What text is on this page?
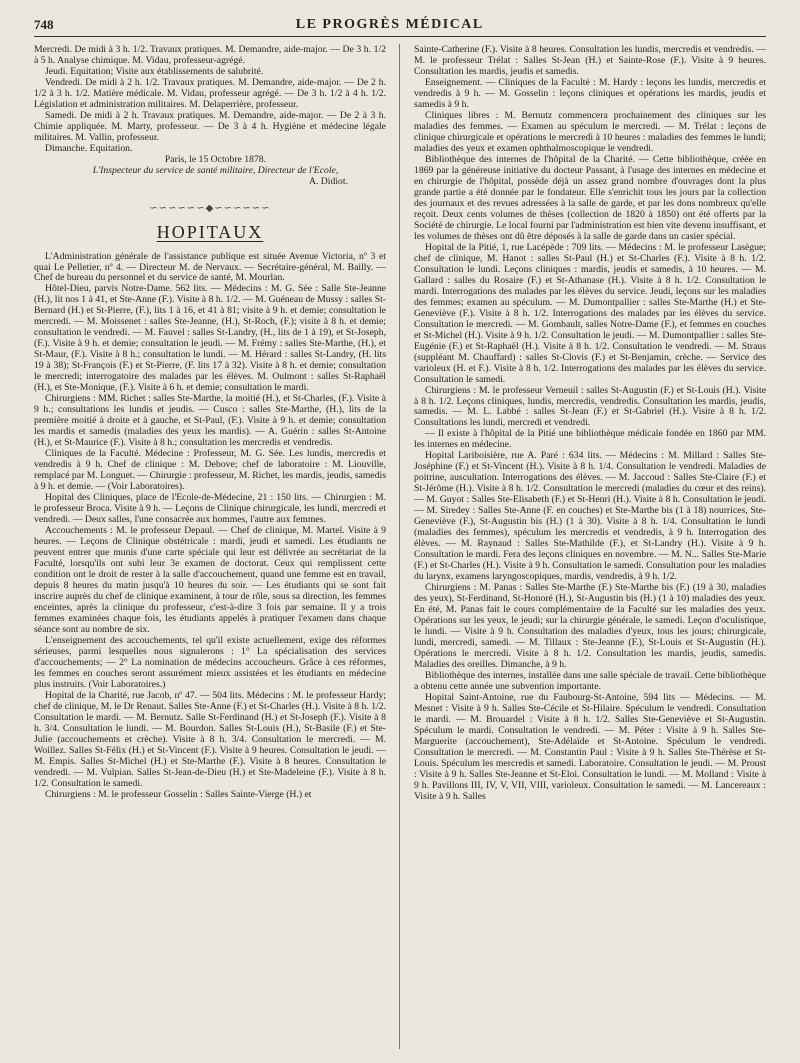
748	LE PROGRÈS MÉDICAL

Mercredi. De midi à 3 h. 1/2. Travaux pratiques. M. Demandre, aide-major. — De 3 h. 1/2 à 5 h. Analyse chimique. M. Vidau, professeur-agrégé.

Jeudi. Equitation; Visite aux établissements de salubrité.

Vendredi. De midi à 2 h. 1/2. Travaux pratiques. M. Demandre, aide-major. — De 2 h. 1/2 à 3 h. 1/2. Matière médicale. M. Vidau, professeur agrégé. — De 3 h. 1/2 à 4 h. 1/2. Législation et administration militaires. M. Delaperrière, professeur.

Samedi. De midi à 2 h. Travaux pratiques. M. Demandre, aide-major. — De 2 à 3 h. Chimie appliquée. M. Marty, professeur. — De 3 à 4 h. Hygiène et médecine légale militaires. M. Vallin, professeur.

Dimanche. Equitation.

Paris, le 15 Octobre 1878.

L'Inspecteur du service de santé militaire, Directeur de l'Ecole,

A. Didiot.

∽∽∽∽∽∽◆∽∽∽∽∽∽
HOPITAUX

L'Administration générale de l'assistance publique est située Avenue Victoria, nº 3 et quai Le Pelletier, nº 4. — Directeur M. de Nervaux. — Secrétaire-général, M. Bailly. — Chef de bureau du personnel et du service de santé, M. Mourlan.

Hôtel-Dieu, parvis Notre-Dame. 562 lits. — Médecins : M. G. Sée : Salle Ste-Jeanne (H.), lit nos 1 à 41, et Ste-Anne (F.). Visite à 8 h. 1/2. — M. Guéneau de Mussy : salles St-Bernard (H.) et St-Pierre, (F.), lits 1 à 16, et 41 à 81; visite à 9 h. et demie; consultation le mercredi. — M. Moissenet : salles Ste-Jeanne, (H.), St-Roch, (F.); visite à 8 h. et demie; consultation le vendredi. — M. Fauvel : salles St-Landry, (H., lits de 1 à 19), et St-Joseph, (F.). Visite à 9 h. et demie; consultation le jeudi. — M. Frémy : salles Ste-Marthe, (H.), et St-Maur, (F.). Visite à 8 h.; consultation le lundi. — M. Hérard : salles St-Landry, (H. lits 19 à 38); St-François (F.) et St-Pierre, (F. lits 17 à 32). Visite à 8 h. et demie; consultation le mercredi; interrogatoire des malades par les élèves. M. Oulmont : salles St-Raphaël (H.), et Ste-Monique, (F.). Visite à 6 h. et demie; consultation le mardi.

Chirurgiens : MM. Richet : salles Ste-Marthe, la moitié (H.), et St-Charles, (F.). Visite à 9 h.; consultations les lundis et jeudis. — Cusco : salles Ste-Marthe, (H.), lits de la première moitié à droite et à gauche, et St-Paul, (F.). Visite à 9 h. et demie; consultation les mardis et samedis (maladies des yeux les mardis). — A. Guérin : salles St-Antoine (H.), et St-Maurice (F.). Visite à 8 h.; consultation les mercredis et vendredis.

Cliniques de la Faculté. Médecine : Professeur, M. G. Sée. Les lundis, mercredis et vendredis à 9 h. Chef de clinique : M. Debove; chef de laboratoire : M. Liouville, remplacé par M. Longuet. — Chirurgie : professeur, M. Richet, les mardis, jeudis, samedis à 9 h. et demie. — (Voir Laboratoires).

Hopital des Cliniques, place de l'Ecole-de-Médecine, 21 : 150 lits. — Chirurgien : M. le professeur Broca. Visite à 9 h. — Leçons de Clinique chirurgicale, les lundi, mercredi et vendredi. — Deux salles, l'une consacrée aux hommes, l'autre aux femmes.

Accouchements : M. le professeur Depaul. — Chef de clinique, M. Martel. Visite à 9 heures. — Leçons de Clinique obstétricale : mardi, jeudi et samedi. Les étudiants ne peuvent entrer que munis d'une carte spéciale qui leur est délivrée au secrétariat de la Faculté, lorsqu'ils ont subi leur 3e examen de doctorat. Ceux qui remplissent cette condition ont le droit de rester à la salle d'accouchement, quand une femme est en travail, depuis 8 heures du matin jusqu'à 10 heures du soir. — Les étudiants qui se sont fait inscrire auprès du chef de clinique examinent, à tour de rôle, sous sa direction, les femmes enceintes, après la clinique du professeur, c'est-à-dire 3 fois par semaine. Il y a trois femmes examinées chaque fois, les étudiants appelés à pratiquer l'examen dans chaque séance sont au nombre de six.

L'enseignement des accouchements, tel qu'il existe actuellement, exige des réformes sérieuses, parmi lesquelles nous signalerons : 1° La spécialisation des services d'accouchements; — 2° La nomination de médecins accoucheurs. Grâce à ces réformes, les femmes en couches seront assurément mieux assistées et les étudiants en médecine plus instruits. (Voir Laboratoires.)

Hopital de la Charité, rue Jacob, nº 47. — 504 lits. Médecins : M. le professeur Hardy; chef de clinique, M. le Dr Renaut. Salles Ste-Anne (F.) et St-Charles (H.). Visite à 8 h. 1/2. Consultation le mardi. — M. Bernutz. Salle St-Ferdinand (H.) et St-Joseph (F.). Visite à 8 h. 3/4. Consultation le lundi. — M. Bourdon. Salles St-Louis (H.), St-Basile (F.) et Ste-Julie (accouchements et crèche). Visite à 8 h. 3/4. Consultation le mercredi. — M. Woillez. Salles St-Félix (H.) et St-Vincent (F.). Visite à 9 heures. Consultation le jeudi. — M. Empis. Salles St-Michel (H.) et Ste-Marthe (F.). Visite à 8 heures. Consultation le vendredi. — M. Vulpian. Salles St-Jean-de-Dieu (H.) et Ste-Madeleine (F.). Visite à 8 h. 1/2. Consultation le samedi.

Chirurgiens : M. le professeur Gosselin : Salles Sainte-Vierge (H.) et

Sainte-Catherine (F.). Visite à 8 heures. Consultation les lundis, mercredis et vendredis. — M. le professeur Trélat : Salles St-Jean (H.) et Sainte-Rose (F.). Visite à 9 heures. Consultation les mardis, jeudis et samedis.

Enseignement. — Cliniques de la Faculté : M. Hardy : leçons les lundis, mercredis et vendredis à 9 h. — M. Gosselin : leçons cliniques et opérations les mardis, jeudis et samedis à 9 h.

Cliniques libres : M. Bernutz commencera prochainement des cliniques sur les maladies des femmes. — Examen au spéculum le mercredi. — M. Trélat : leçons de clinique chirurgicale et opérations le mercredi à 10 heures : maladies des femmes le lundi; maladies des yeux et examen ophthalmoscopique le vendredi.

Bibliothèque des internes de l'hôpital de la Charité. — Cette bibliothèque, créée en 1869 par la généreuse initiative du docteur Passant, à l'usage des internes en médecine et en chirurgie de l'hôpital, possède déjà un assez grand nombre d'ouvrages dont la plus grande partie a été donnée par le fondateur. Elle s'enrichit tous les jours par la collection des journaux et des revues adressées à la salle de garde, et par les dons nombreux qu'elle reçoit. Deux cents volumes de thèses (collection de 1820 à 1850) ont été offerts par la Société de chirurgie. Le local fourni par l'administration est bien vite devenu insuffisant, et les volumes de thèses ont dû être déposés à la salle de garde dans un casier spécial.

Hopital de la Pitié, 1, rue Lacépède : 709 lits. — Médecins : M. le professeur Lasègue; chef de clinique, M. Hanot : salles St-Paul (H.) et St-Charles (F.). Visite à 8 h. 1/2. Consultation le lundi. Leçons cliniques : mardis, jeudis et samedis, à 10 heures. — M. Gallard : salles du Rosaire (F.) et St-Athanase (H.). Visite à 8 h. 1/2. Consultation le mardi. Interrogations des malades par les élèves du service. Jeudi, leçons sur les maladies des femmes; examen au spéculum. — M. Dumontpallier : salles Ste-Marthe (H.) et Ste-Geneviève (F.). Visite à 8 h. 1/2. Interrogations des malades par les élèves du service. Consultation le mercredi. — M. Gombault, salles Notre-Dame (F.), et femmes en couches et St-Michel (H.). Visite à 9 h. 1/2. Consultation le jeudi. — M. Dumontpallier : salles Ste-Eugénie (F.) et St-Raphaël (H.). Visite à 8 h. 1/2. Consultation le vendredi. — M. Straus (suppléant M. Chauffard) : salles St-Clovis (F.) et St-Benjamin, crèche. — Service des varioleux (H. et F.). Visite à 8 h. 1/2. Interrogations des malades par les élèves du service. Consultation le samedi.

Chirurgiens : M. le professeur Verneuil : salles St-Augustin (F.) et St-Louis (H.). Visite à 8 h. 1/2. Leçons cliniques, lundis, mercredis, vendredis. Consultation les mardis, jeudis, samedis. — M. L. Labbé : salles St-Jean (F.) et St-Gabriel (H.). Visite à 8 h. 1/2. Consultations les lundi, mercredi et vendredi.

— Il existe à l'hôpital de la Pitié une bibliothèque médicale fondée en 1860 par MM. les internes en médecine.

Hopital Lariboisière, rue A. Paré : 634 lits. — Médecins : M. Millard : Salles Ste-Joséphine (F.) et St-Vincent (H.). Visite à 8 h. 1/4. Consultation le vendredi. Maladies de poitrine, auscultation. Interrogations des élèves. — M. Jaccoud : Salles Ste-Claire (F.) et St-Jérôme (H.). Visite à 8 h. 1/2. Consultation le mercredi (maladies du cœur et des reins). — M. Guyot : Salles Ste-Elisabeth (F.) et St-Henri (H.). Visite à 8 h. Consultation le jeudi. — M. Siredey : Salles Ste-Anne (F. en couches) et Ste-Marthe bis (1 à 18) nourrices, Ste-Geneviève (F.), St-Augustin bis (H.) (1 à 30). Visite à 8 h. 1/4. Consultation le lundi (maladies des femmes), spéculum les mercredis et vendredis, à 9 h. Interrogation des élèves. — M. Raynaud : Salles Ste-Mathilde (F.), et St-Landry (H.). Visite à 9 h. Consultation le mardi. Fera des leçons cliniques en novembre. — M. N... Salles Ste-Marie (F.) et St-Charles (H.). Visite à 9 h. Consultation le samedi. Consultation pour les maladies du larynx, examens laryngoscopiques, mardis, vendredis, à 9 h. 1/2.

Chirurgiens : M. Panas : Salles Ste-Marthe (F.) Ste-Marthe bis (F.) (19 à 30, maladies des yeux), St-Ferdinand, St-Honoré (H.), St-Augustin bis (H.) (1 à 10) maladies des yeux. En été, M. Panas fait le cours complémentaire de la Faculté sur les maladies des yeux. Opérations sur les yeux, le jeudi; sur la chirurgie générale, le samedi. Leçon d'oculistique, le lundi. — Visite à 9 h. Consultation des maladies d'yeux, tous les jours; chirurgicale, lundi, mercredi, samedi. — M. Tillaux : Ste-Jeanne (F.), St-Louis et St-Augustin (H.). Opérations le mercredi. Visite à 8 h. 1/2. Consultation les mardis, jeudis, samedis. Maladies des oreilles. Dimanche, à 9 h.

Bibliothèque des internes, installée dans une salle spéciale de travail. Cette bibliothèque a obtenu cette année une subvention importante.

Hopital Saint-Antoine, rue du Faubourg-St-Antoine, 594 lits — Médecins. — M. Mesnet : Visite à 9 h. Salles Ste-Cécile et St-Hilaire. Spéculum le vendredi. Consultation le mardi. — M. Brouardel : Visite à 8 h. 1/2. Salles Ste-Geneviève et St-Augustin. Spéculum le mardi. Consultation le vendredi. — M. Péter : Visite à 9 h. Salles Ste-Marguerite (accouchement), Ste-Adélaïde et St-Antoine. Spéculum le vendredi. Consultation le mercredi. — M. Constantin Paul : Visite à 9 h. Salles Ste-Thérèse et St-Louis. Spéculum les mercredis et samedi. Laboratoire. Consultation le jeudi. — M. Proust : Visite à 9 h. Salles Ste-Jeanne et St-Eloi. Consultation le lundi. — M. Molland : Visite à 9 h. Pavillons III, IV, V, VII, VIII, varioleux. Consultation le samedi. — M. Lancereaux : Visite à 9 h. Salles
